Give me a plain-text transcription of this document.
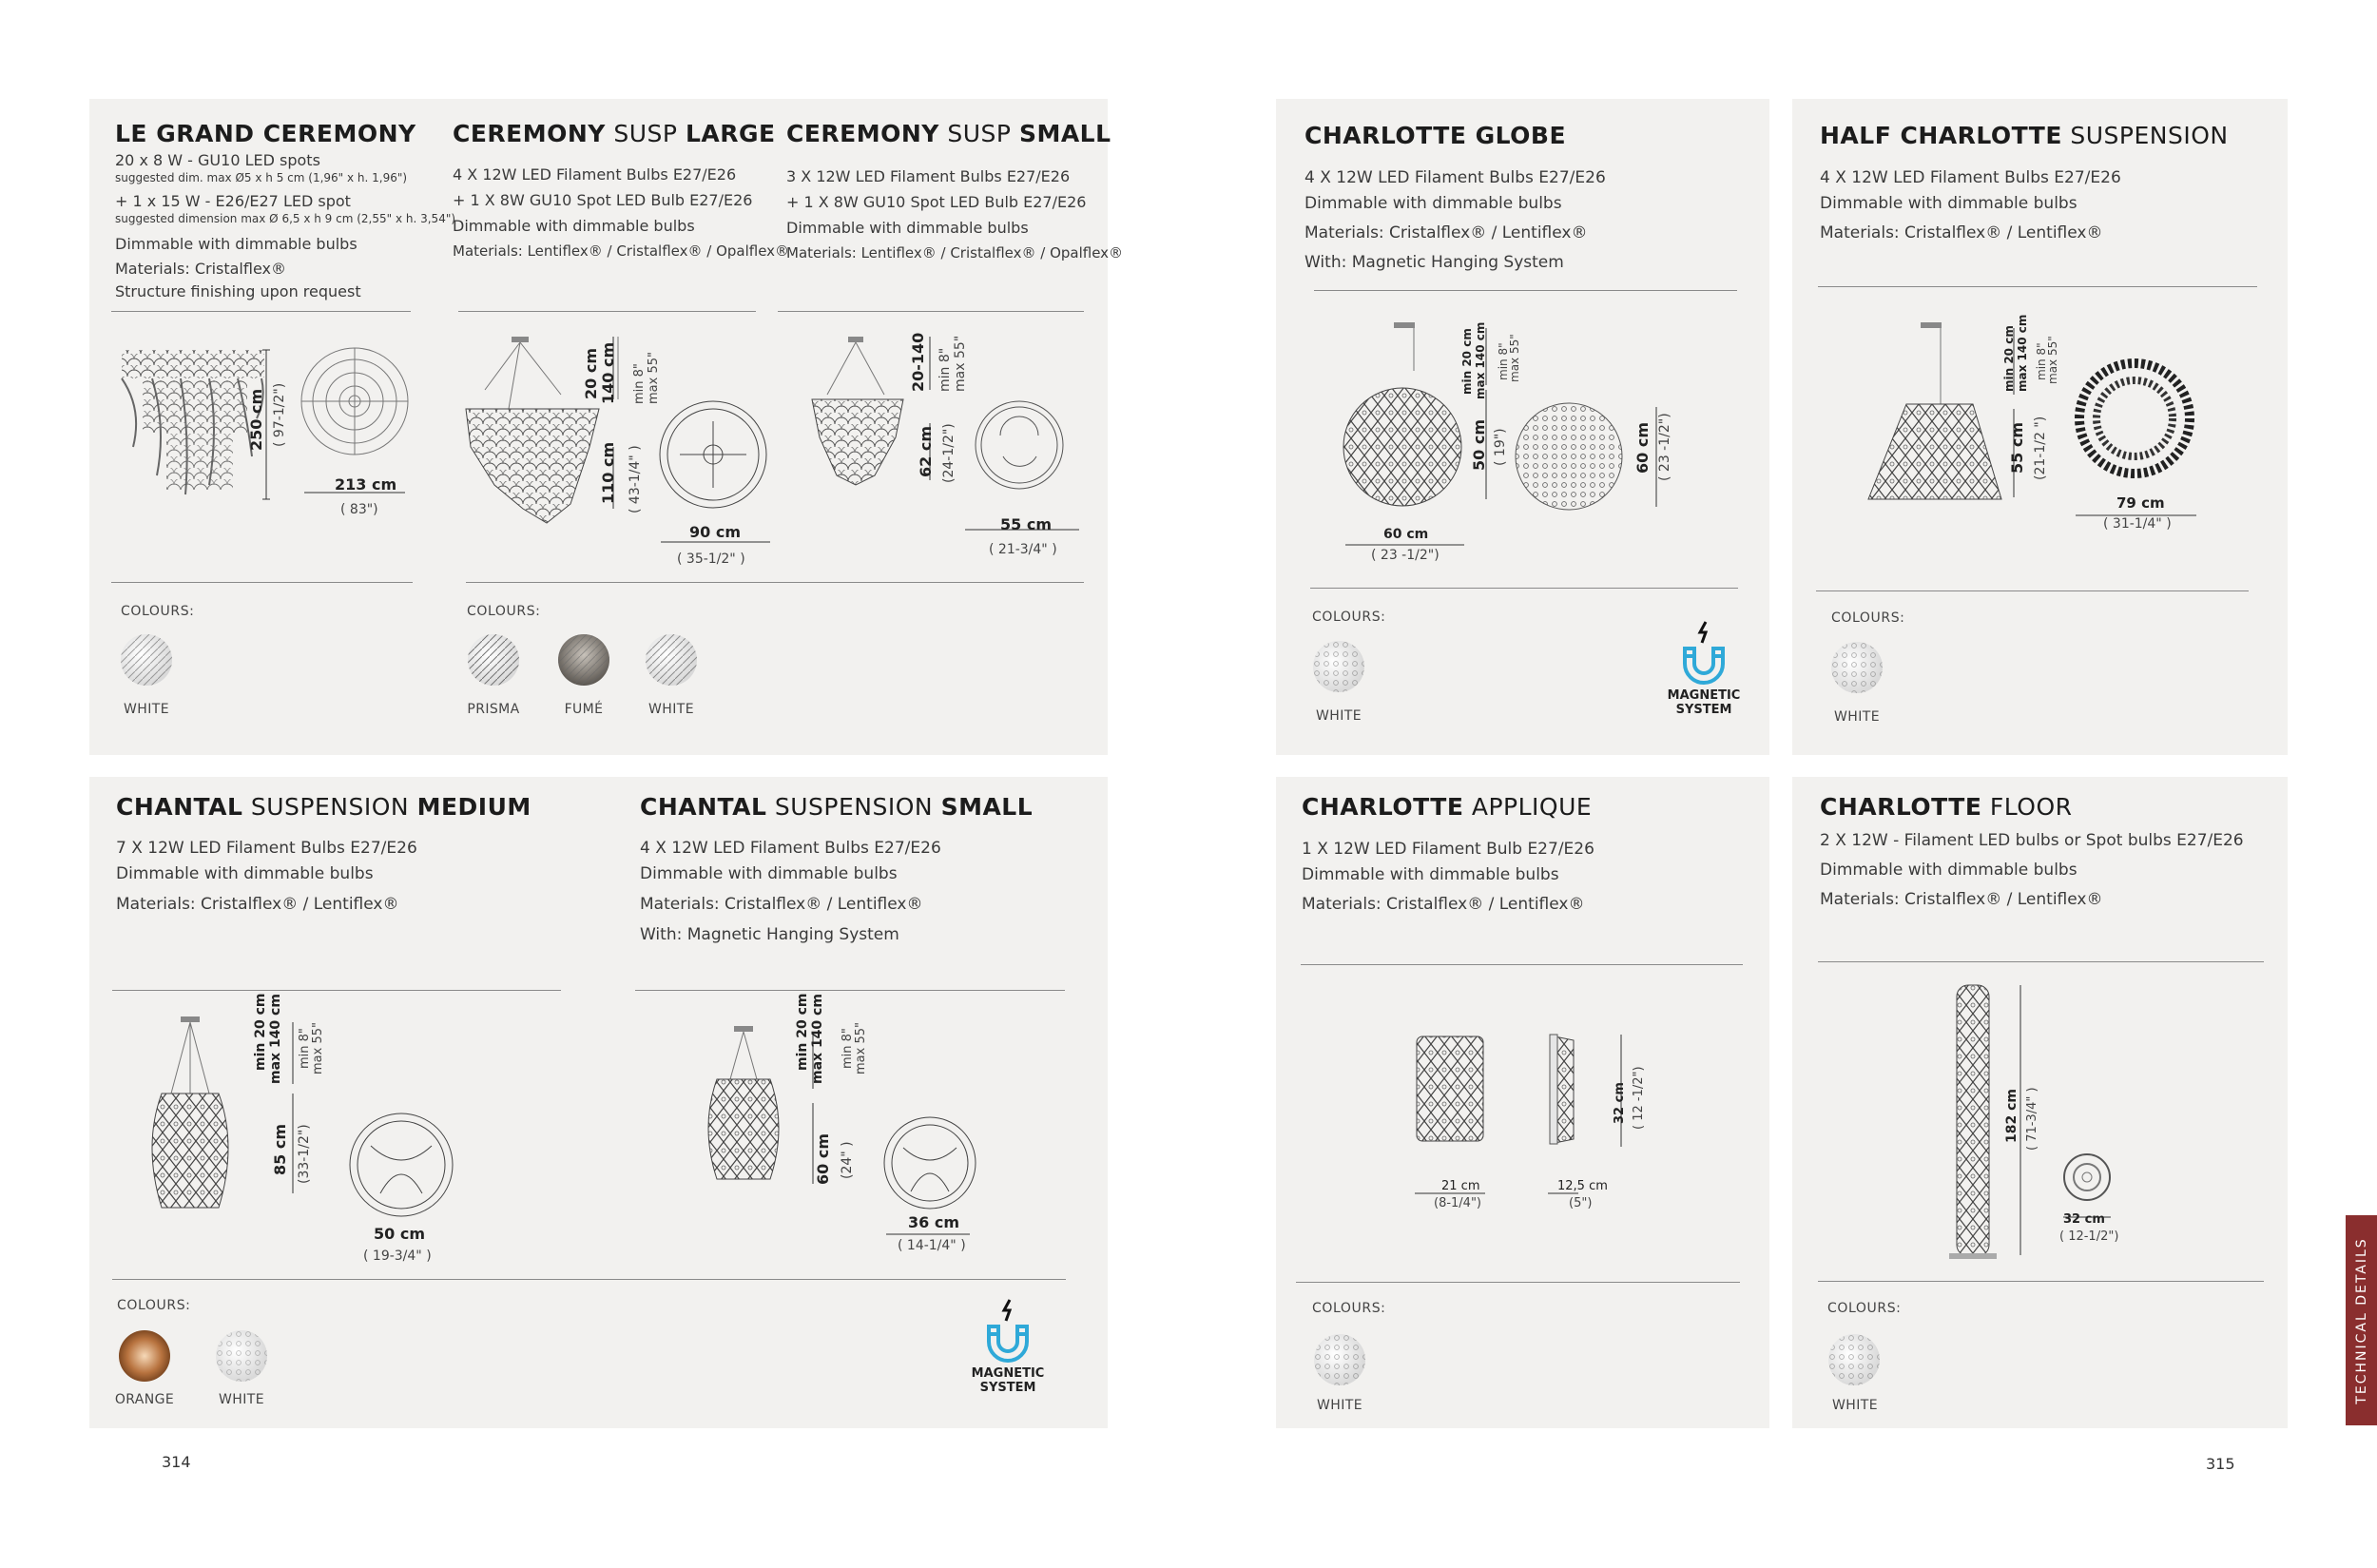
LE GRAND CEREMONY
20 x 8 W - GU10 LED spots
suggested dim. max Ø5 x h 5 cm (1,96" x h. 1,96")
+ 1 x 15 W - E26/E27 LED spot
suggested dimension max Ø 6,5 x h 9 cm (2,55" x h. 3,54")
Dimmable with dimmable bulbs
Materials: Cristalflex®
Structure finishing upon request
250 cm ( 97-1/2")
213 cm
( 83")
COLOURS:
WHITE
CEREMONY SUSP LARGE
4 X 12W LED Filament Bulbs E27/E26
+ 1 X 8W GU10 Spot LED Bulb E27/E26
Dimmable with dimmable bulbs
Materials: Lentiflex® / Cristalflex® / Opalflex®
20 cm 140 cm min 8" max 55"
110 cm ( 43-1/4" )
90 cm
( 35-1/2" )
COLOURS:
PRISMA	FUMÉ	WHITE
CEREMONY SUSP SMALL
3 X 12W LED Filament Bulbs E27/E26
+ 1 X 8W GU10 Spot LED Bulb E27/E26
Dimmable with dimmable bulbs
Materials: Lentiflex® / Cristalflex® / Opalflex®
20-140 min 8" max 55"
62 cm (24-1/2")
55 cm
( 21-3/4" )
CHANTAL SUSPENSION MEDIUM
7 X 12W LED Filament Bulbs E27/E26
Dimmable with dimmable bulbs
Materials: Cristalflex® / Lentiflex®
min 20 cm max 140 cm min 8" max 55"
85 cm (33-1/2")
50 cm
( 19-3/4" )
COLOURS:
ORANGE	WHITE
CHANTAL SUSPENSION SMALL
4 X 12W LED Filament Bulbs E27/E26
Dimmable with dimmable bulbs
Materials: Cristalflex® / Lentiflex®
With: Magnetic Hanging System
min 20 cm max 140 cm min 8" max 55"
60 cm (24" )
36 cm
( 14-1/4" )
MAGNETIC
SYSTEM
314
CHARLOTTE GLOBE
4 X 12W LED Filament Bulbs E27/E26
Dimmable with dimmable bulbs
Materials: Cristalflex® / Lentiflex®
With: Magnetic Hanging System
min 20 cm max 140 cm min 8"
max 55"
50 cm ( 19")
60 cm
( 23 -1/2")
60 cm ( 23 -1/2")
COLOURS:
WHITE
MAGNETIC
SYSTEM
HALF CHARLOTTE SUSPENSION
4 X 12W LED Filament Bulbs E27/E26
Dimmable with dimmable bulbs
Materials: Cristalflex® / Lentiflex®
min 20 cm max 140 cm min 8"
max 55"
55 cm (21-1/2 ")
79 cm
( 31-1/4" )
COLOURS:
WHITE
CHARLOTTE APPLIQUE
1 X 12W LED Filament Bulb E27/E26
Dimmable with dimmable bulbs
Materials: Cristalflex® / Lentiflex®
32 cm ( 12 -1/2")
21 cm
(8-1/4")
12,5 cm
(5")
COLOURS:
WHITE
CHARLOTTE FLOOR
2 X 12W - Filament LED bulbs or Spot bulbs E27/E26
Dimmable with dimmable bulbs
Materials: Cristalflex® / Lentiflex®
182 cm ( 71-3/4" )
32 cm
( 12-1/2")
COLOURS:
WHITE
315
TECHNICAL DETAILS
